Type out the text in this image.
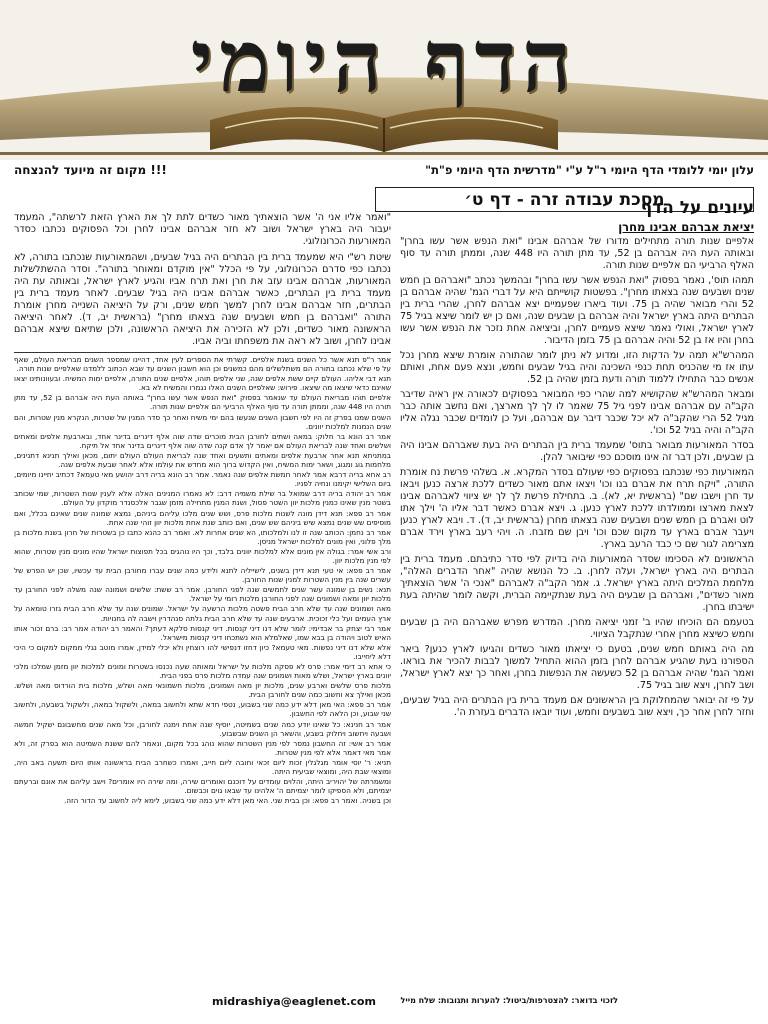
הדף היומי
!!! מקום זה מיועד להנצחה	עלון יומי ללומדי הדף היומי ר"ל ע"י "מדרשית הדף היומי פ"ת"
מסכת עבודה זרה - דף ט׳
עיונים על הדף
יציאת אברהם אבינו מחרן

אלפיים שנות תורה מתחילים מדורו של אברהם אבינו "ואת הנפש אשר עשו בחרן" ובאותה העת היה אברהם בן 52, עד מתן תורה היו 448 שנה, וממתן תורה עד סוף האלף הרביעי הם אלפיים שנות תורה.

תמהו תוס', נאמר בפסוק "ואת הנפש אשר עשו בחרן" ובהמשך נכתב "ואברהם בן חמש שנים ושבעים שנה בצאתו מחרן". בפשטות קושייתם היא על דברי הגמ' שהיה אברהם בן 52 והרי מבואר שהיה בן 75. ועוד ביארו שפעמיים יצא אברהם לחרן, שהרי ברית בין הבתרים היתה בארץ ישראל והיה אברהם בן שבעים שנה, ואם כן יש לומר שיצא בגיל 75 לארץ ישראל, ואולי נאמר שיצא פעמיים לחרן, וביציאה אחת נזכר את הנפש אשר עשו בחרן והיו אז בן 52 והיה אברהם בן 75 בזמן הדיבור.

המהרש"א תמה על הדקות הזו, ומדוע לא ניתן לומר שהתורה אומרת שיצא מחרן נכל עתו אז מי שהכניס תחת כנפי השכינה והיה בגיל שבעים וחמש, ונצא פעם אחת, ואותם אנשים כבר התחילו ללמוד תורה ודעת בזמן שהיה בן 52.

ומבאר המהרש"א שהקושיא למה שהרי כפי המבואר בפסוקים לכאורה אין ראיה שדיבר הקב"ה עם אברהם אבינו לפני גיל 75 שאמר לו לך לך מארצך, ואם נחשב אותה כבר מגיל 52 הרי שהקב"ה לא יכל שכבר דיבר עם אברהם, ועל כן לומדים שכבר נגלה אליו הקב"ה והיה בגיל 52 וכו'.

בסדר המאורעות מבואר בתוס' שמעמד ברית בין הבתרים היה בעת שאברהם אבינו היה בן שבעים, ולכן דבר זה אינו מוסכם כפי שיבואר להלן.

המאורעות כפי שנכתבו בפסוקים כפי שעולם בסדר המקרא. א. בשלהי פרשת נח אומרת התורה, "ויקח תרח את אברם בנו וכו' ויצאו אתם מאור כשדים ללכת ארצה כנען ויבאו עד חרן וישבו שם" (בראשית יא, לא). ב. בתחילת פרשת לך לך יש ציווי לאברהם אבינו לצאת מארצו וממולדתו ללכת לארץ כנען. ג. ויצא אברם כאשר דבר אליו ה' וילך אתו לוט ואברם בן חמש שנים ושבעים שנה בצאתו מחרן (בראשית יב, ד). ד. ויבא לארץ כנען ויעבר אברם בארץ עד מקום שכם וכו' ויבן שם מזבח. ה. ויהי רעב בארץ וירד אברם מצרימה לגור שם כי כבד הרעב בארץ.

הראשונים לא הסכימו שסדר המאורעות היה בדיוק לפי סדר כתיבתם. מעמד ברית בין הבתרים היה בארץ ישראל, ועלה לחרן. ב. כל הנושא שהיה "אחר הדברים האלה", מלחמת המלכים היתה בארץ ישראל. ג. אמר הקב"ה לאברהם "אנכי ה' אשר הוצאתיך מאור כשדים", ואברהם בן שבעים היה בעת שנתקיימה הברית, וקשה לומר שהיתה בעת ישיבתו בחרן.

בטעמם הם הוכיחו שהיו ב' זמני יציאה מחרן. המדרש מפרש שאברהם היה בן שבעים וחמש כשיצא מחרן אחרי שנתקבל הציווי.

מה היה באותם חמש שנים, בטעם כי יציאתו מאור כשדים והגיעו לארץ כנען? ביאר הספורנו בעת שהגיע אברהם לחרן בזמן ההוא התחיל למשוך לבבות להכיר את בוראו. ואמר הגמ' שהיה אברהם בן 52 כשעשה את הנפשות בחרן, ואחר כך יצא לארץ ישראל, ושב לחרן, ויצא שוב בגיל 75.

על פי זה יבואר שהמחלוקת בין הראשונים אם מעמד ברית בין הבתרים היה בגיל שבעים, וחזר לחרן אחר כך, ויצא שוב בשבעים וחמש, ועוד יובאו הדברים בעזרת ה'.

"ואמר אליו אני ה' אשר הוצאתיך מאור כשדים לתת לך את הארץ הזאת לרשתה", המעמד יעבור היה בארץ ישראל ושוב לא חזר אברהם אבינו לחרן וכל הפסוקים נכתבו כסדר המאורעות הכרונולוגי.

שיטת רש"י היא שמעמד ברית בין הבתרים היה בגיל שבעים, ושהמאורעות שנכתבו בתורה, לא נכתבו כפי סדרם הכרונולוגי, על פי הכלל "אין מוקדם ומאוחר בתורה". וסדר ההשתלשלות המאורעות, אברהם אבינו עזב את חרן ואת תרח אביו והגיע לארץ ישראל, ובאותה עת היה מעמד ברית בין הבתרים, כאשר אברהם אבינו היה בגיל שבעים. לאחר מעמד ברית בין הבתרים, חזר אברהם אבינו לחרן למשך חמש שנים, ורק על היציאה השנייה מחרן אומרת התורה "ואברהם בן חמש ושבעים שנה בצאתו מחרן" (בראשית יב, ד). לאחר היציאה הראשונה מאור כשדים, ולכן לא הזכירה את היציאה הראשונה, ולכן שתיאם שיצא אברהם אבינו לחרן, ושוב לא ראה את משפחתו וביה אביו.

אמר ר"פ תנא אשר כל השנים בשנת אלפיים. קשרתי את הספרים לעין אחד, דהיינו שמספר השנים מבריאת העולם, שאף על פי שלא נכתבו בתורה הם משתלשלים מהם כמשנים וכן הוא חשבון השנים עד שבא הכתוב ללמדנו שאלפיים שנות תורה.

תנא דבי אליהו. העולם קיים ששת אלפים שנה, שני אלפים תוהו, אלפיים שנים התורה, אלפיים ימות המשיח. ובעוונותינו יצאו שאינם כדאי שיצאו מה שיצאו. פירוש: שאלפיים השנים האלו נגמרו והמשיח לא בא.

אלפיים תוהו מבריאת העולם עד שנאמר בפסוק "ואת הנפש אשר עשו בחרן" באותה העת היה אברהם בן 52, עד מתן תורה היו 448 שנה, וממתן תורה עד סוף האלף הרביעי הם אלפיים שנות תורה.

השנים שמנו בפרק זה היו לפי חשבון השנים שנעשו בהם ימי משיח ואחר כך סדר המנין של שטרות, הנקרא מנין שטרות, והם שנים הנמנות למלכות יוונים.

אמר רב הונא בר חלוק: במאה ושתים לחורבן הבית מוכרים שדה שוה אלף דינרים בדינר אחד, ובארבעת אלפים ומאתים ושלשים ואחד שנה לבריאת העולם אם יאמר לך אדם קנה שדה שוה אלף דינרים בדינר אחד אל תיקח.

במתניתא תנא אחר ארבעת אלפים ומאתים ותשעים ואחד שנה לבריאת העולם העולם יתום, מכאן ואילך תנינא דתנינים, מלחמות גוג ומגוג, ושאר ימות המשיח, ואין הקדוש ברוך הוא מחדש את עולמו אלא לאחר שבעת אלפים שנה.

רב אחא בריה דרבא אמר לאחר חמשת אלפים שנה נאמר. אמר רב הונא בריה דרב יהושע מאי טעמא? דכתיב יחיינו מיומים, ביום השלישי יקימנו ונחיה לפניו.

אמר רב יהודה בריה דרב שמואל בר שילת משמיה דרב: לא נאמרו המנינים האלה אלא לענין שנות השטרות, שמי שכותב בשטר מנין שאינו כמנין מלכות יוון השטר פסול, ושנת המנין מתחילה מזמן שגבר אלכסנדר מוקדון על העולם.

אמר רב פפא: תנא דידן מונה לשנות מלכות פרס, ושש שנים מלכו עליהם ביניהם, נמצא שמונה שנים שאינם בכלל, ואם מוסיפים שש שנים נמצא שיש ביניהם שש שנים, ואם כותב שנת אחת מלכות יוון זוהי שנה אחת.

אמר רב נחמן: הכותב שנה זו לנו ולמלכותו, הא שנים אחרות לא. ואמר רב כהנא כתבו כן בשטרות של חרון בשנת מלכות בן מלך פלוני, ואין מונים למלכות ישראל מניסן.

ורב אשי אמר: בגולה אין מונים אלא למלכות יוונים בלבד, וכך היו נוהגים בכל תפוצות ישראל שהיו מונים מנין שטרות, שהוא לפי מנין מלכות יוון.

אמר רב פפא: אי טעי תנא דידן בשנים, לישייליה לתנא ולידע כמה שנים עברו מחורבן הבית עד עכשיו, שכן יש הפרש של עשרים שנה בין מנין השטרות למנין שנות החורבן.

תנא: נשים בן שמונה עשר שנים לחמשים שנה לפני החורבן. אמר רב ששת: שלשים ושמונה שנה משלה לפני החורבן עד מלכות יוון ומאה ושמונים שנה לפני החורבן מלכות רומי על ישראל.

מאה ושמונים שנה עד שלא חרב הבית פשטה מלכות הרשעה על ישראל. שמונים שנה עד שלא חרב הבית גזרו טומאה על ארץ העמים ועל כלי זכוכית. ארבעים שנה עד שלא חרב הבית גלתה סנהדרין וישבה לה בחנויות.

אמר רבי יצחק בר אבדימי: לומר שלא דנו דיני קנסות. דיני קנסות סלקא דעתך? והאמר רב יהודה אמר רב: ברם זכור אותו האיש לטוב ויהודה בן בבא שמו, שאלמלא הוא נשתכחו דיני קנסות מישראל.

אלא שלא דנו דיני נפשות. מאי טעמא? כיון דחזו דנפישי להו רוצחין ולא יכלי למידן, אמרו מוטב נגלי ממקום למקום כי היכי דלא ליחייבו.

כי אתא רב דימי אמר: פרס לא פסקה מלכות על ישראל ומאותה שעה נכנסו בשטרות ומונים למלכות יוון מזמן שמלכו מלכי יוונים בארץ ישראל, ושלש מאות ושמונים שנה עמדה מלכות פרס בפני הבית.

מלכות פרס שלשים וארבע שנים, מלכות יון מאה ושמונים, מלכות חשמונאי מאה ושלש, מלכות בית הורדוס מאה ושלש. מכאן ואילך צא וחשוב כמה שנים לחורבן הבית.

אמר רב פפא: האי מאן דלא ידע כמה שני בשבוע, נטפי חדא שתא ולחשוב במאה, ולשקול במאה, ולשקול בשבעה, ולחשוב שני שבוע, וכן הלאה לפי החשבון.

אמר רב חנינא: כל שאינו יודע כמה שנים בשמיטה, יוסיף שנה אחת וימנה לחורבן, וכל מאה שנים מחשבונם ישקיל חמשה ושבעה ויחשוב ויחלוק בשבע, והשאר הן השנים שבשבוע.

אמר רב אשי: זה החשבון נמסר לפי מנין השטרות שהוא נוהג בכל מקום, ונאמר להם ששנת השמיטה הוא בפרק זה, ולא אמר מאי דאמר אלא לפי מנין שטרות.

תניא: ר' יוסי אומר מגלגלין זכות ליום זכאי וחובה ליום חייב, ואמרו כשחרב הבית בראשונה אותו היום תשעה באב היה, ומוצאי שבת היה, ומוצאי שביעית היתה.

ומשמרתה של יהויריב היתה, והלוים עומדים על דוכנם ואומרים שירה, ומה שירה היו אומרים? וישב עליהם את אונם וברעתם יצמיתם, ולא הספיקו לומר יצמיתם ה' אלהינו עד שבאו גוים וכבשום.

וכן בשניה. ואמר רב פפא: וכן בבית שני. האי מאן דלא ידע כמה שני בשבוע, לימא ליה לחשוב עד הדור הזה.

midrashiya@eaglenet.com	לזכוי בדואר: להצטרפות/ביטול: להערות ותגובות: שלח מייל
